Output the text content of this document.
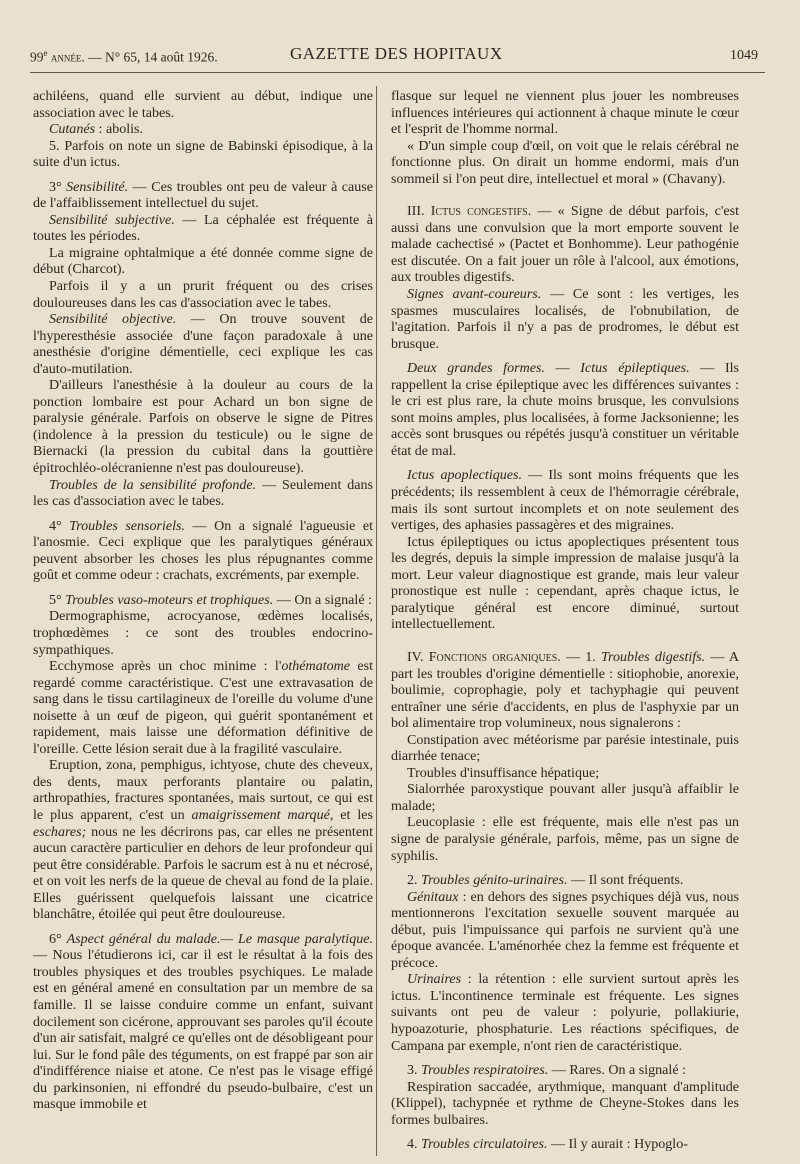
99e année. — N° 65, 14 août 1926.	GAZETTE DES HOPITAUX	1049

achiléens, quand elle survient au début, indique une association avec le tabes.

Cutanés : abolis.

5. Parfois on note un signe de Babinski épisodique, à la suite d'un ictus.

3° Sensibilité. — Ces troubles ont peu de valeur à cause de l'affaiblissement intellectuel du sujet.

Sensibilité subjective. — La céphalée est fréquente à toutes les périodes.

La migraine ophtalmique a été donnée comme signe de début (Charcot).

Parfois il y a un prurit fréquent ou des crises douloureuses dans les cas d'association avec le tabes.

Sensibilité objective. — On trouve souvent de l'hyperesthésie associée d'une façon paradoxale à une anesthésie d'origine démentielle, ceci explique les cas d'auto-mutilation.

D'ailleurs l'anesthésie à la douleur au cours de la ponction lombaire est pour Achard un bon signe de paralysie générale. Parfois on observe le signe de Pitres (indolence à la pression du testicule) ou le signe de Biernacki (la pression du cubital dans la gouttière épitrochléo-olécranienne n'est pas douloureuse).

Troubles de la sensibilité profonde. — Seulement dans les cas d'association avec le tabes.

4° Troubles sensoriels. — On a signalé l'agueusie et l'anosmie. Ceci explique que les paralytiques généraux peuvent absorber les choses les plus répugnantes comme goût et comme odeur : crachats, excréments, par exemple.

5° Troubles vaso-moteurs et trophiques. — On a signalé :

Dermographisme, acrocyanose, œdèmes localisés, trophœdèmes : ce sont des troubles endocrino-sympathiques.

Ecchymose après un choc minime : l'othématome est regardé comme caractéristique. C'est une extravasation de sang dans le tissu cartilagineux de l'oreille du volume d'une noisette à un œuf de pigeon, qui guérit spontanément et rapidement, mais laisse une déformation définitive de l'oreille. Cette lésion serait due à la fragilité vasculaire.

Eruption, zona, pemphigus, ichtyose, chute des cheveux, des dents, maux perforants plantaire ou palatin, arthropathies, fractures spontanées, mais surtout, ce qui est le plus apparent, c'est un amaigrissement marqué, et les eschares; nous ne les décrirons pas, car elles ne présentent aucun caractère particulier en dehors de leur profondeur qui peut être considérable. Parfois le sacrum est à nu et nécrosé, et on voit les nerfs de la queue de cheval au fond de la plaie. Elles guérissent quelquefois laissant une cicatrice blanchâtre, étoilée qui peut être douloureuse.

6° Aspect général du malade.— Le masque paralytique. — Nous l'étudierons ici, car il est le résultat à la fois des troubles physiques et des troubles psychiques. Le malade est en général amené en consultation par un membre de sa famille. Il se laisse conduire comme un enfant, suivant docilement son cicérone, approuvant ses paroles qu'il écoute d'un air satisfait, malgré ce qu'elles ont de désobligeant pour lui. Sur le fond pâle des téguments, on est frappé par son air d'indifférence niaise et atone. Ce n'est pas le visage effigé du parkinsonien, ni effondré du pseudo-bulbaire, c'est un masque immobile et

flasque sur lequel ne viennent plus jouer les nombreuses influences intérieures qui actionnent à chaque minute le cœur et l'esprit de l'homme normal.

« D'un simple coup d'œil, on voit que le relais cérébral ne fonctionne plus. On dirait un homme endormi, mais d'un sommeil si l'on peut dire, intellectuel et moral » (Chavany).

III. Ictus congestifs. — « Signe de début parfois, c'est aussi dans une convulsion que la mort emporte souvent le malade cachectisé » (Pactet et Bonhomme). Leur pathogénie est discutée. On a fait jouer un rôle à l'alcool, aux émotions, aux troubles digestifs.

Signes avant-coureurs. — Ce sont : les vertiges, les spasmes musculaires localisés, de l'obnubilation, de l'agitation. Parfois il n'y a pas de prodromes, le début est brusque.

Deux grandes formes. — Ictus épileptiques. — Ils rappellent la crise épileptique avec les différences suivantes : le cri est plus rare, la chute moins brusque, les convulsions sont moins amples, plus localisées, à forme Jacksonienne; les accès sont brusques ou répétés jusqu'à constituer un véritable état de mal.

Ictus apoplectiques. — Ils sont moins fréquents que les précédents; ils ressemblent à ceux de l'hémorragie cérébrale, mais ils sont surtout incomplets et on note seulement des vertiges, des aphasies passagères et des migraines.

Ictus épileptiques ou ictus apoplectiques présentent tous les degrés, depuis la simple impression de malaise jusqu'à la mort. Leur valeur diagnostique est grande, mais leur valeur pronostique est nulle : cependant, après chaque ictus, le paralytique général est encore diminué, surtout intellectuellement.

IV. Fonctions organiques. — 1. Troubles digestifs. — A part les troubles d'origine démentielle : sitiophobie, anorexie, boulimie, coprophagie, poly et tachyphagie qui peuvent entraîner une série d'accidents, en plus de l'asphyxie par un bol alimentaire trop volumineux, nous signalerons :

Constipation avec météorisme par parésie intestinale, puis diarrhée tenace;

Troubles d'insuffisance hépatique;

Sialorrhée paroxystique pouvant aller jusqu'à affaiblir le malade;

Leucoplasie : elle est fréquente, mais elle n'est pas un signe de paralysie générale, parfois, même, pas un signe de syphilis.

2. Troubles génito-urinaires. — Il sont fréquents.

Génitaux : en dehors des signes psychiques déjà vus, nous mentionnerons l'excitation sexuelle souvent marquée au début, puis l'impuissance qui parfois ne survient qu'à une époque avancée. L'aménorhée chez la femme est fréquente et précoce.

Urinaires : la rétention : elle survient surtout après les ictus. L'incontinence terminale est fréquente. Les signes suivants ont peu de valeur : polyurie, pollakiurie, hypoazoturie, phosphaturie. Les réactions spécifiques, de Campana par exemple, n'ont rien de caractéristique.

3. Troubles respiratoires. — Rares. On a signalé :

Respiration saccadée, arythmique, manquant d'amplitude (Klippel), tachypnée et rythme de Cheyne-Stokes dans les formes bulbaires.

4. Troubles circulatoires. — Il y aurait : Hypoglo-
